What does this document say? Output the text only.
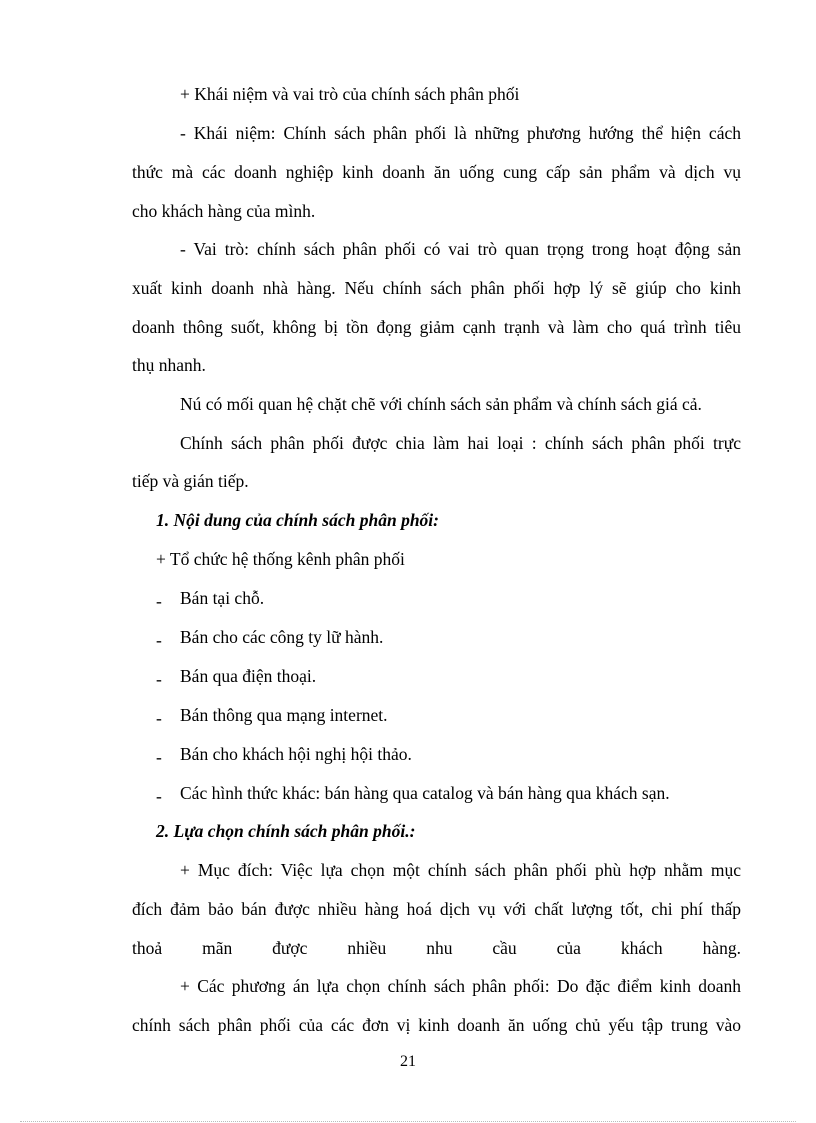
+ Khái niệm và vai trò của chính sách phân phối
- Khái niệm: Chính sách phân phối là những phương hướng thể hiện cách
thức mà các doanh nghiệp kinh doanh ăn uống cung cấp sản phẩm và dịch vụ
cho khách hàng của mình.
- Vai trò: chính sách phân phối có vai trò quan trọng trong hoạt động sản
xuất kinh doanh nhà hàng. Nếu chính sách phân phối hợp lý sẽ giúp cho kinh
doanh thông suốt, không bị tồn đọng giảm cạnh trạnh và làm cho quá trình tiêu
thụ nhanh.
Nú có mối quan hệ chặt chẽ với chính sách sản phẩm và chính sách giá cả.
Chính sách phân phối được chia làm hai loại : chính sách phân phối trực
tiếp và gián tiếp.
1. Nội dung của chính sách phân phối:
+ Tổ chức hệ thống kênh phân phối
- Bán tại chỗ.
- Bán cho các công ty lữ hành.
- Bán qua điện thoại.
- Bán thông qua mạng internet.
- Bán cho khách hội nghị hội thảo.
- Các hình thức khác: bán hàng qua catalog và bán hàng qua khách sạn.
2. Lựa chọn chính sách phân phối.:
+ Mục đích: Việc lựa chọn một chính sách phân phối phù hợp nhằm mục
đích đảm bảo bán được nhiều hàng hoá dịch vụ với chất lượng tốt, chi phí thấp
thoả mãn được nhiều nhu cầu của khách hàng.
+ Các phương án lựa chọn chính sách phân phối: Do đặc điểm kinh doanh
chính sách phân phối của các đơn vị kinh doanh ăn uống chủ yếu tập trung vào
21
